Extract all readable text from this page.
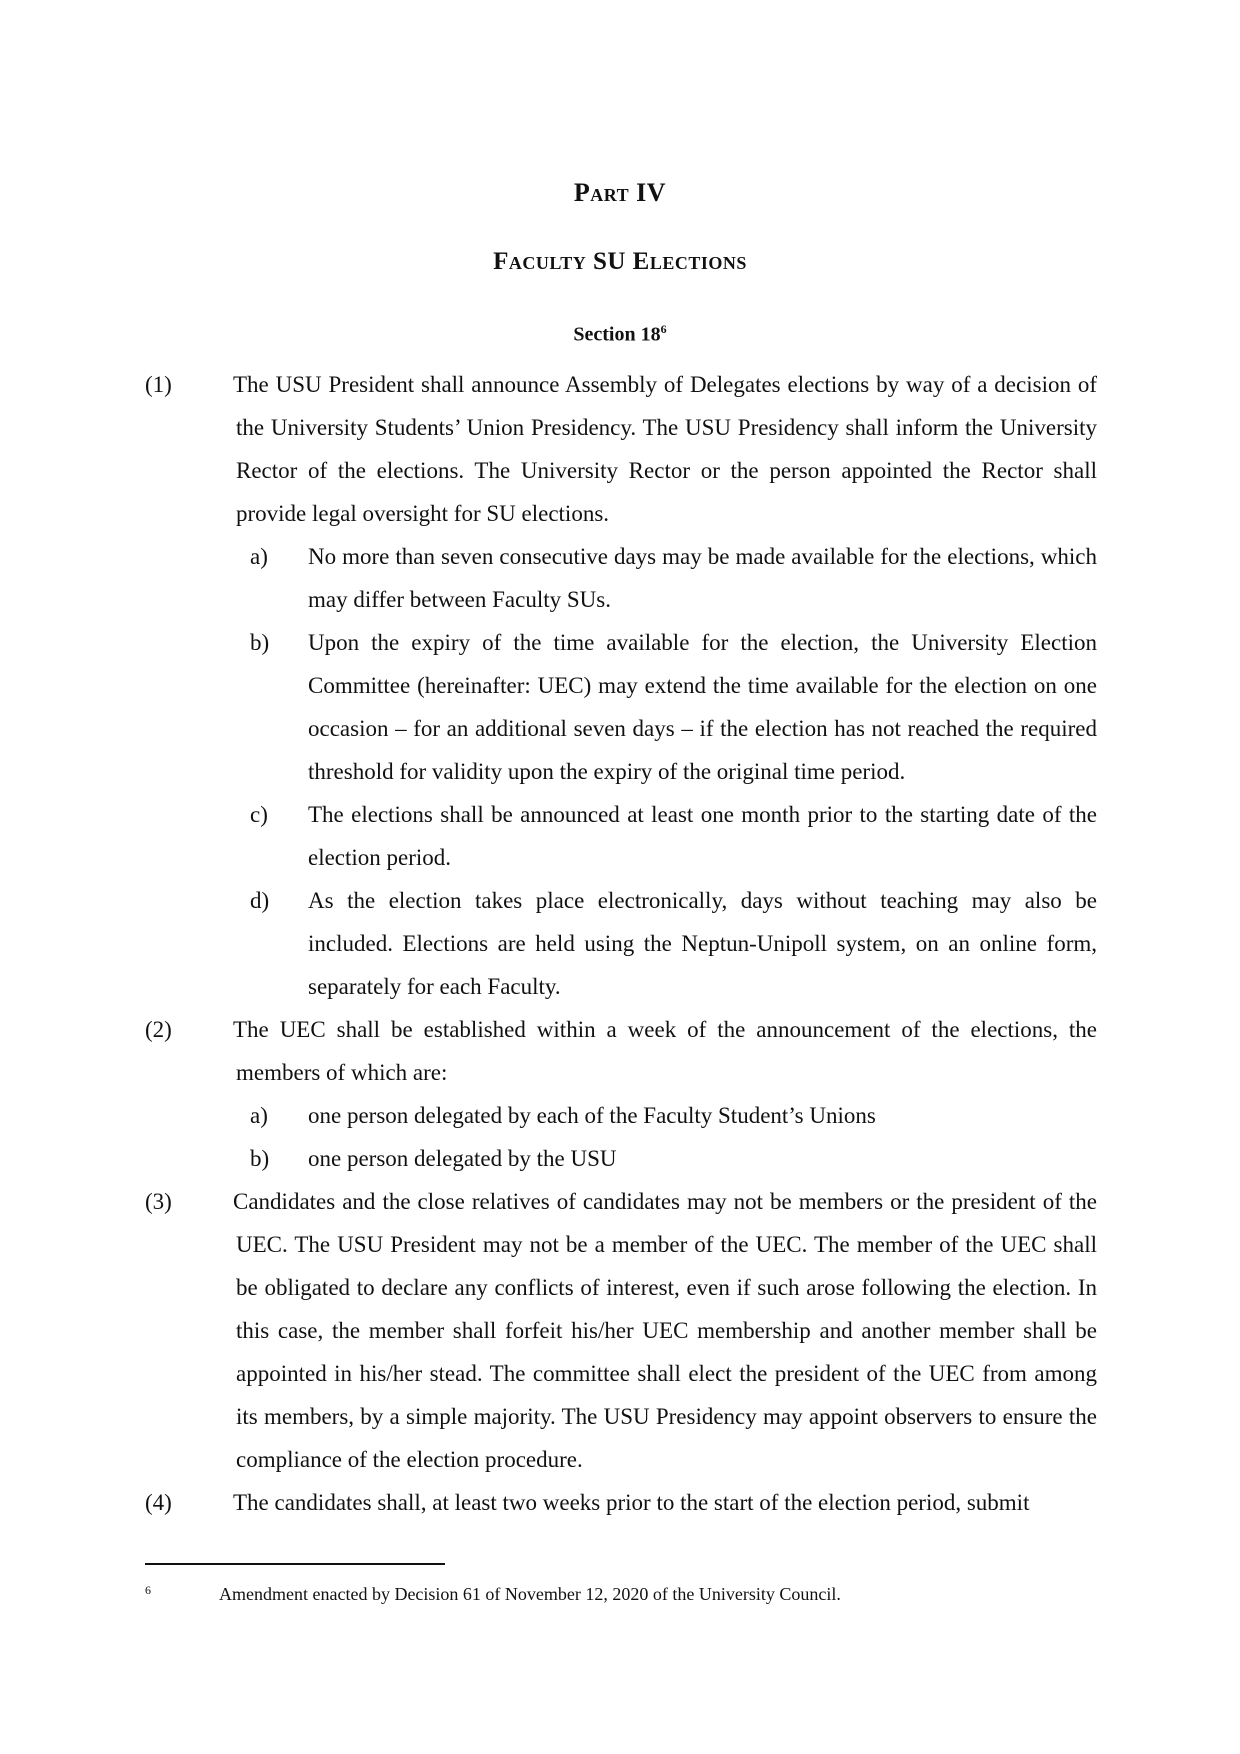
Part IV
Faculty SU Elections
Section $18^6$
(1)	The USU President shall announce Assembly of Delegates elections by way of a decision of the University Students’ Union Presidency. The USU Presidency shall inform the University Rector of the elections. The University Rector or the person appointed the Rector shall provide legal oversight for SU elections.
a) No more than seven consecutive days may be made available for the elections, which may differ between Faculty SUs.
b) Upon the expiry of the time available for the election, the University Election Committee (hereinafter: UEC) may extend the time available for the election on one occasion – for an additional seven days – if the election has not reached the required threshold for validity upon the expiry of the original time period.
c) The elections shall be announced at least one month prior to the starting date of the election period.
d) As the election takes place electronically, days without teaching may also be included. Elections are held using the Neptun-Unipoll system, on an online form, separately for each Faculty.
(2)	The UEC shall be established within a week of the announcement of the elections, the members of which are:
a) one person delegated by each of the Faculty Student’s Unions
b) one person delegated by the USU
(3)	Candidates and the close relatives of candidates may not be members or the president of the UEC. The USU President may not be a member of the UEC. The member of the UEC shall be obligated to declare any conflicts of interest, even if such arose following the election. In this case, the member shall forfeit his/her UEC membership and another member shall be appointed in his/her stead. The committee shall elect the president of the UEC from among its members, by a simple majority. The USU Presidency may appoint observers to ensure the compliance of the election procedure.
(4)	The candidates shall, at least two weeks prior to the start of the election period, submit
6	Amendment enacted by Decision 61 of November 12, 2020 of the University Council.
